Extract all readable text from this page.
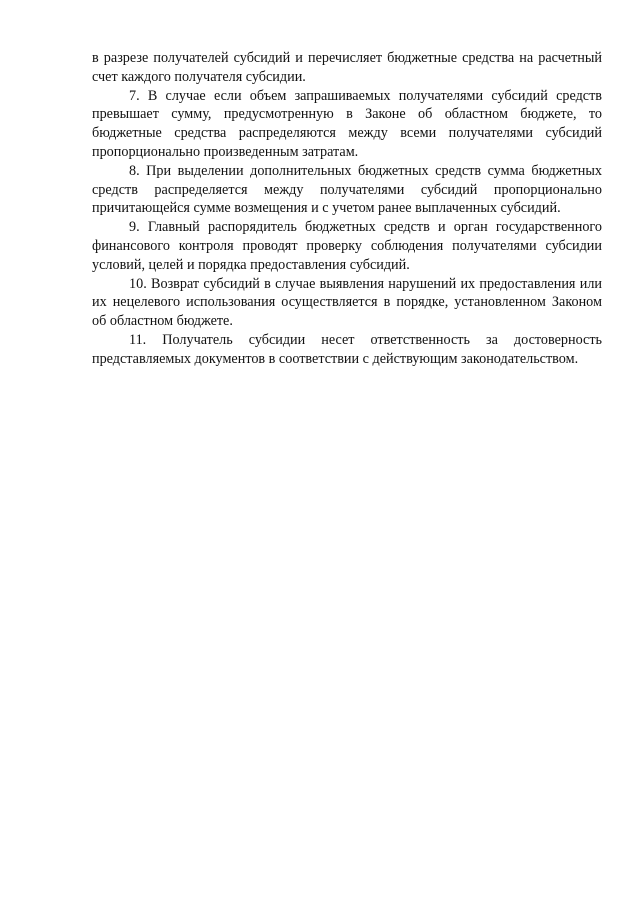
в разрезе получателей субсидий и перечисляет бюджетные средства на расчетный счет каждого получателя субсидии.

7. В случае если объем запрашиваемых получателями субсидий средств превышает сумму, предусмотренную в Законе об областном бюджете, то бюджетные средства распределяются между всеми получателями субсидий пропорционально произведенным затратам.

8. При выделении дополнительных бюджетных средств сумма бюджетных средств распределяется между получателями субсидий пропорционально причитающейся сумме возмещения и с учетом ранее выплаченных субсидий.

9. Главный распорядитель бюджетных средств и орган государственного финансового контроля проводят проверку соблюдения получателями субсидии условий, целей и порядка предоставления субсидий.

10. Возврат субсидий в случае выявления нарушений их предоставления или их нецелевого использования осуществляется в порядке, установленном Законом об областном бюджете.

11. Получатель субсидии несет ответственность за достоверность представляемых документов в соответствии с действующим законодательством.
